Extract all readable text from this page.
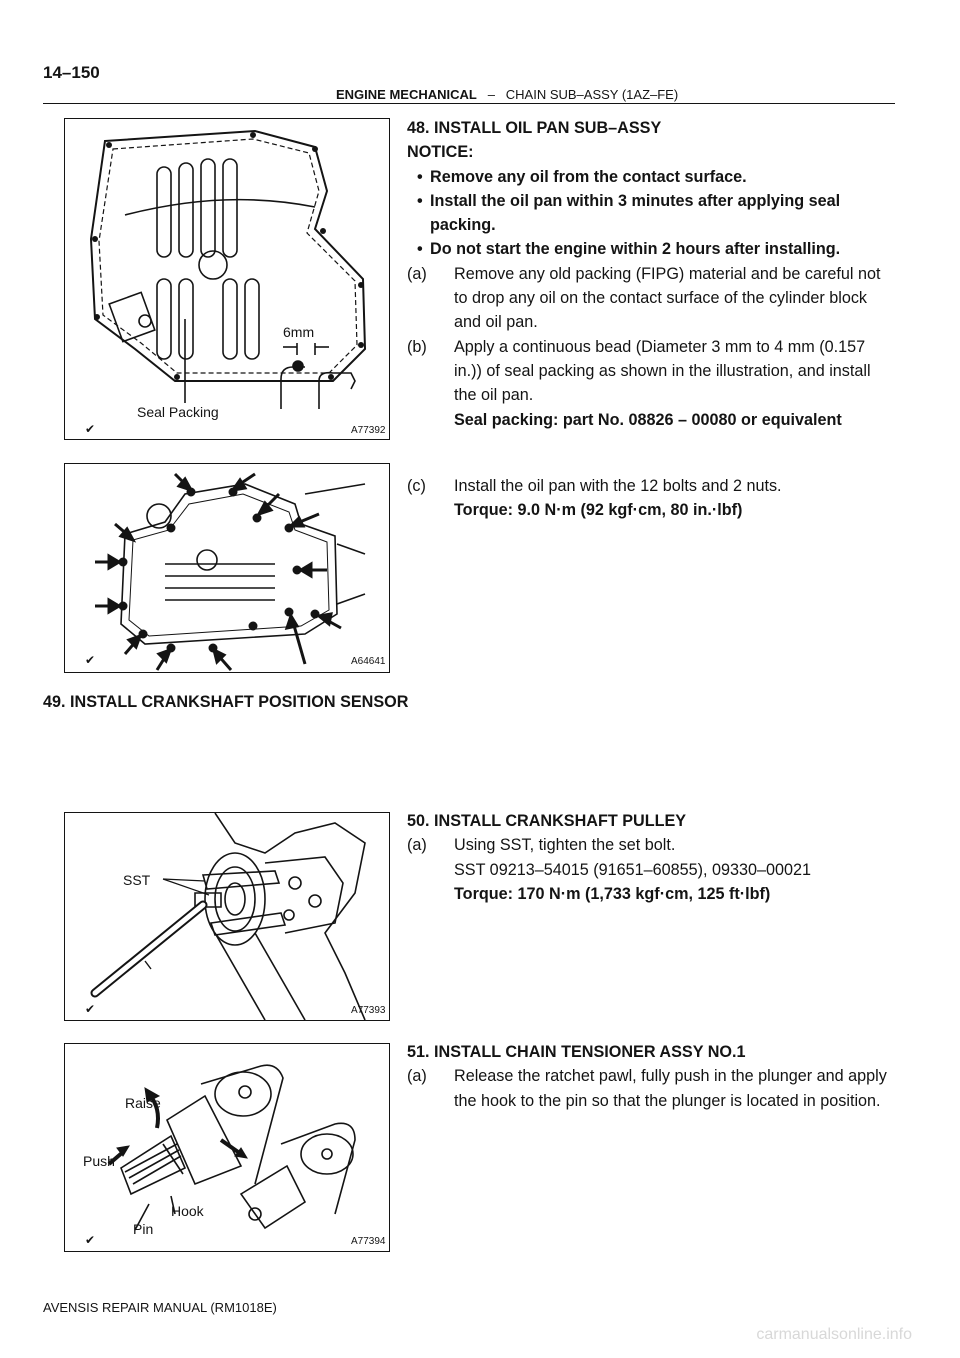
14–150
ENGINE MECHANICAL – CHAIN SUB–ASSY (1AZ–FE)
6mm
Seal Packing
✔	A77392
✔	A64641
49. INSTALL CRANKSHAFT POSITION SENSOR
SST
✔	A77393
Raise
Push
Hook
Pin
✔	A77394
48. INSTALL OIL PAN SUB–ASSY
NOTICE:
• Remove any oil from the contact surface.
• Install the oil pan within 3 minutes after applying seal packing.
• Do not start the engine within 2 hours after installing.
(a)	Remove any old packing (FIPG) material and be careful not to drop any oil on the contact surface of the cylinder block and oil pan.
(b)	Apply a continuous bead (Diameter 3 mm to 4 mm (0.157 in.)) of seal packing as shown in the illustration, and install the oil pan.
Seal packing: part No. 08826 – 00080 or equivalent
(c)	Install the oil pan with the 12 bolts and 2 nuts.
Torque: 9.0 N·m (92 kgf·cm, 80 in.·lbf)
50. INSTALL CRANKSHAFT PULLEY
(a)	Using SST, tighten the set bolt.
SST 09213–54015 (91651–60855), 09330–00021
Torque: 170 N·m (1,733 kgf·cm, 125 ft·lbf)
51. INSTALL CHAIN TENSIONER ASSY NO.1
(a)	Release the ratchet pawl, fully push in the plunger and apply the hook to the pin so that the plunger is located in position.
AVENSIS REPAIR MANUAL (RM1018E)
carmanualsonline.info
